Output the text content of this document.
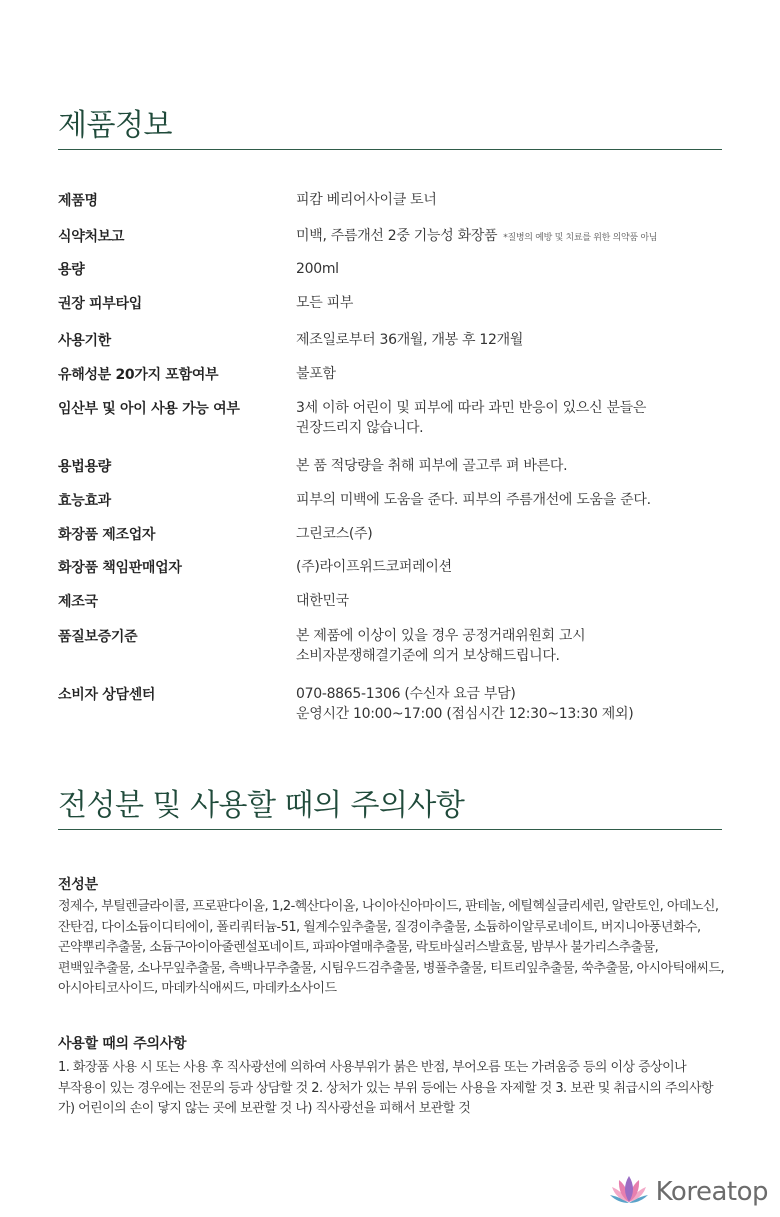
제품정보
제품명	피캄 베리어사이클 토너
식약처보고	미백, 주름개선 2중 기능성 화장품 *질병의 예방 및 치료를 위한 의약품 아님
용량	200ml
권장 피부타입	모든 피부
사용기한	제조일로부터 36개월, 개봉 후 12개월
유해성분 20가지 포함여부	불포함
임산부 및 아이 사용 가능 여부	3세 이하 어린이 및 피부에 따라 과민 반응이 있으신 분들은
권장드리지 않습니다.
용법용량	본 품 적당량을 취해 피부에 골고루 펴 바른다.
효능효과	피부의 미백에 도움을 준다. 피부의 주름개선에 도움을 준다.
화장품 제조업자	그린코스(주)
화장품 책임판매업자	(주)라이프위드코퍼레이션
제조국	대한민국
품질보증기준	본 제품에 이상이 있을 경우 공정거래위원회 고시
소비자분쟁해결기준에 의거 보상해드립니다.
소비자 상담센터	070-8865-1306 (수신자 요금 부담)
운영시간 10:00~17:00 (점심시간 12:30~13:30 제외)
전성분 및 사용할 때의 주의사항
전성분

정제수, 부틸렌글라이콜, 프로판다이올, 1,2-헥산다이올, 나이아신아마이드, 판테놀, 에틸헥실글리세린, 알란토인, 아데노신, 잔탄검, 다이소듐이디티에이, 폴리쿼터늄-51, 월계수잎추출물, 질경이추출물, 소듐하이알루로네이트, 버지니아풍년화수, 곤약뿌리추출물, 소듐구아이아줄렌설포네이트, 파파야열매추출물, 락토바실러스발효물, 밤부사 불가리스추출물, 편백잎추출물, 소나무잎추출물, 측백나무추출물, 시팀우드검추출물, 병풀추출물, 티트리잎추출물, 쑥추출물, 아시아틱애씨드, 아시아티코사이드, 마데카식애씨드, 마데카소사이드

사용할 때의 주의사항

1. 화장품 사용 시 또는 사용 후 직사광선에 의하여 사용부위가 붉은 반점, 부어오름 또는 가려움증 등의 이상 증상이나 부작용이 있는 경우에는 전문의 등과 상담할 것 2. 상처가 있는 부위 등에는 사용을 자제할 것 3. 보관 및 취급시의 주의사항 가) 어린이의 손이 닿지 않는 곳에 보관할 것 나) 직사광선을 피해서 보관할 것

Koreatop
